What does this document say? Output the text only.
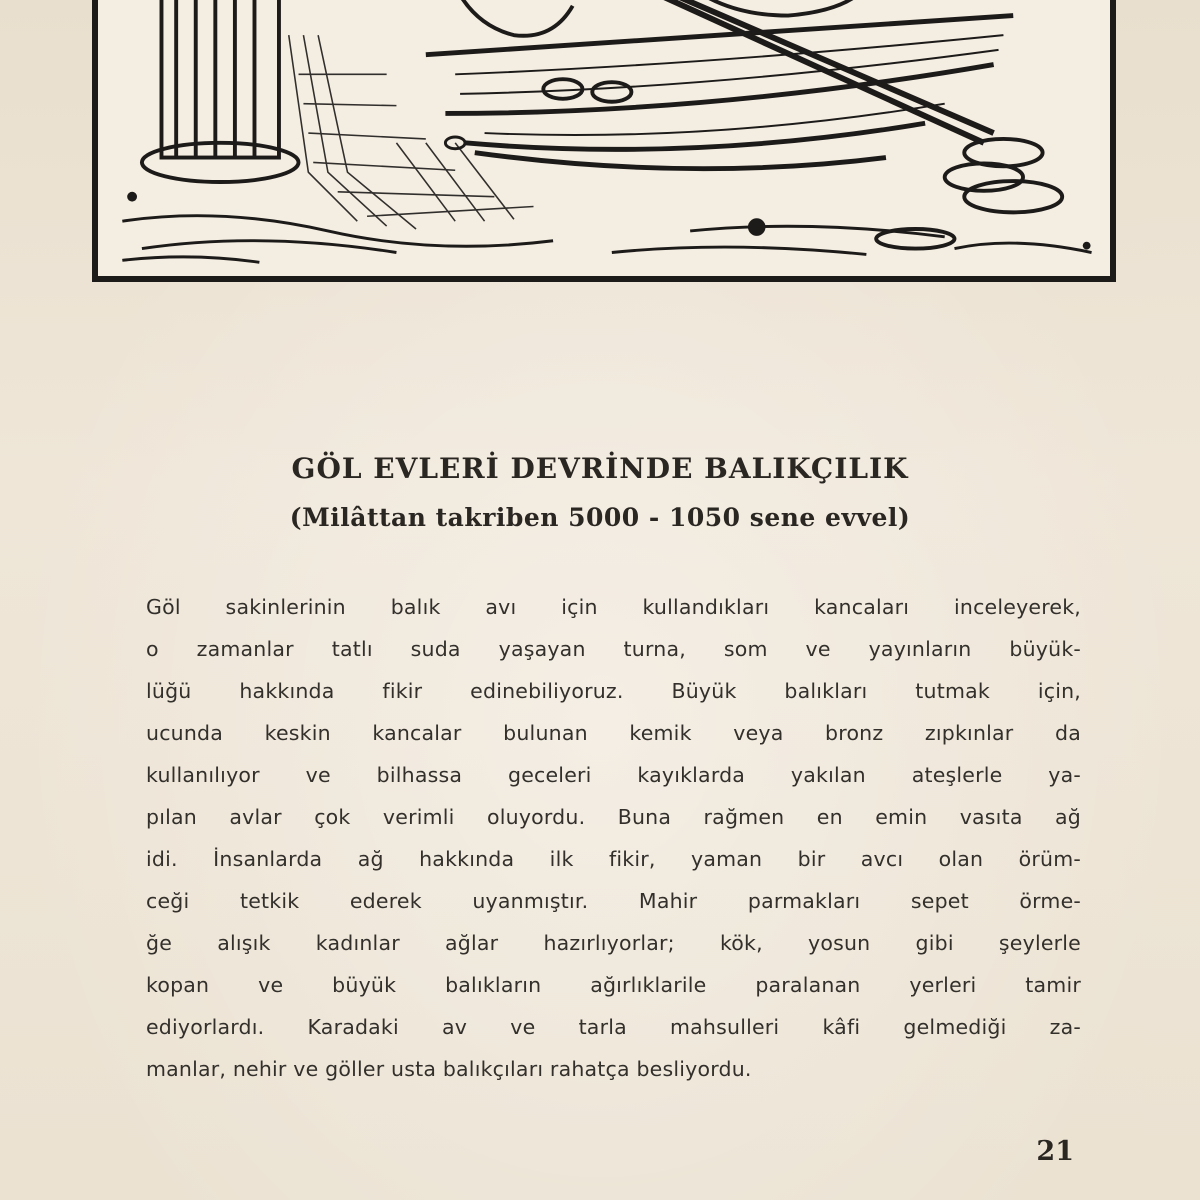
GÖL EVLERİ DEVRİNDE BALIKÇILIK
(Milâttan takriben 5000 - 1050 sene evvel)
Göl sakinlerinin balık avı için kullandıkları kancaları inceleyerek,
o zamanlar tatlı suda yaşayan turna, som ve yayınların büyük-
lüğü hakkında fikir edinebiliyoruz. Büyük balıkları tutmak için,
ucunda keskin kancalar bulunan kemik veya bronz zıpkınlar da
kullanılıyor ve bilhassa geceleri kayıklarda yakılan ateşlerle ya-
pılan avlar çok verimli oluyordu. Buna rağmen en emin vasıta ağ
idi. İnsanlarda ağ hakkında ilk fikir, yaman bir avcı olan örüm-
ceği tetkik ederek uyanmıştır. Mahir parmakları sepet örme-
ğe alışık kadınlar ağlar hazırlıyorlar; kök, yosun gibi şeylerle
kopan ve büyük balıkların ağırlıklarile paralanan yerleri tamir
ediyorlardı. Karadaki av ve tarla mahsulleri kâfi gelmediği za-
manlar, nehir ve göller usta balıkçıları rahatça besliyordu.
21
